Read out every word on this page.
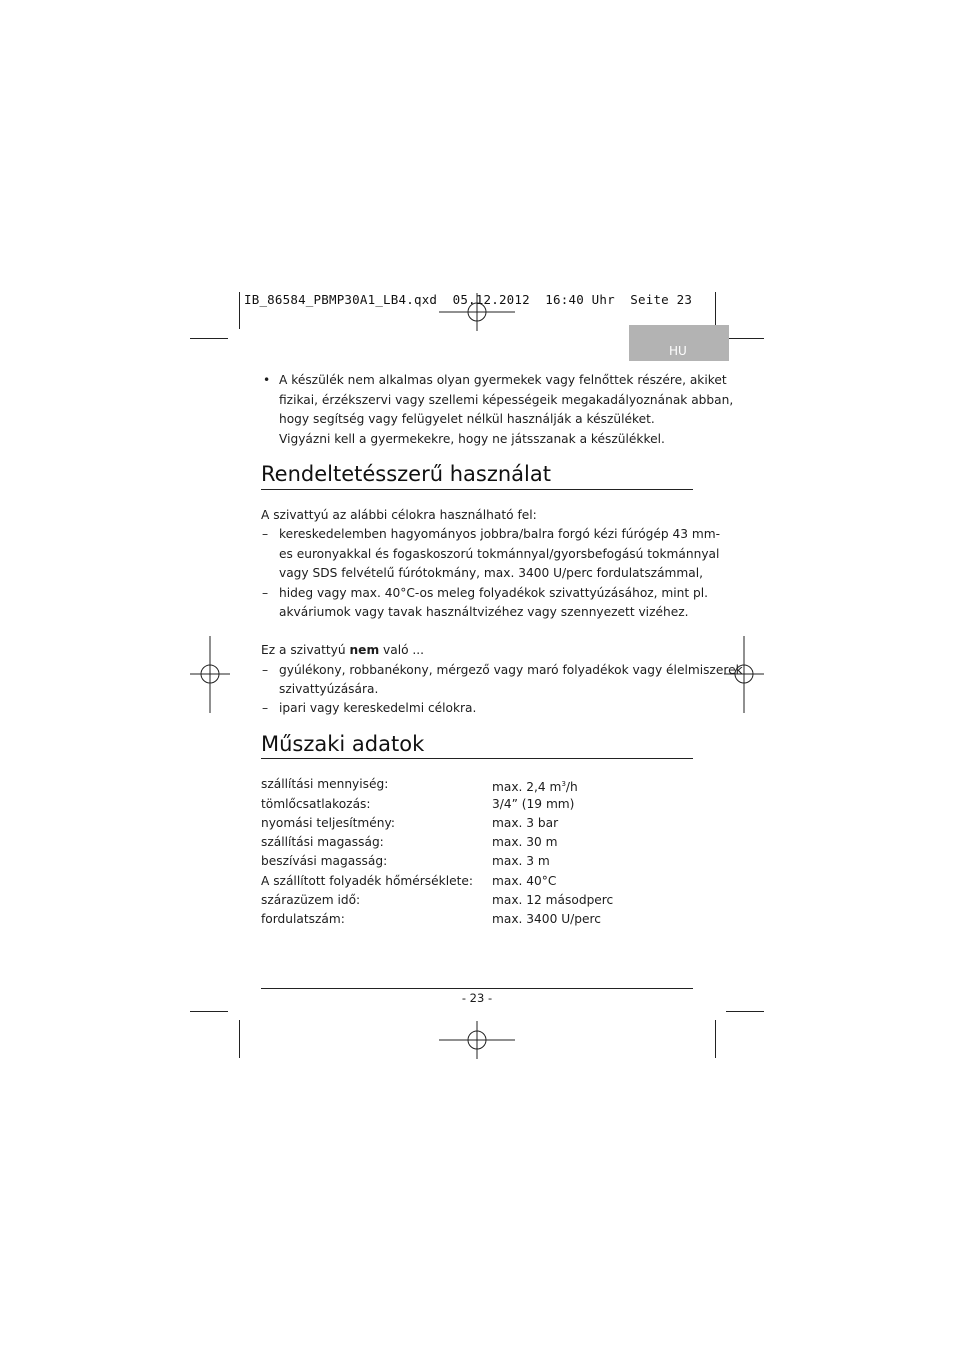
IB_86584_PBMP30A1_LB4.qxd  05.12.2012  16:40 Uhr  Seite 23
HU
• A készülék nem alkalmas olyan gyermekek vagy felnőttek részére, akiket
fizikai, érzékszervi vagy szellemi képességeik megakadályoznának abban,
hogy segítség vagy felügyelet nélkül használják a készüléket.
Vigyázni kell a gyermekekre, hogy ne játsszanak a készülékkel.
Rendeltetésszerű használat
A szivattyú az alábbi célokra használható fel:
– kereskedelemben hagyományos jobbra/balra forgó kézi fúrógép 43 mm-
es euronyakkal és fogaskoszorú tokmánnyal/gyorsbefogású tokmánnyal
vagy SDS felvételű fúrótokmány, max. 3400 U/perc fordulatszámmal,
– hideg vagy max. 40°C-os meleg folyadékok szivattyúzásához, mint pl.
akváriumok vagy tavak használtvizéhez vagy szennyezett vizéhez.
Ez a szivattyú nem való ...
– gyúlékony, robbanékony, mérgező vagy maró folyadékok vagy élelmiszerek
szivattyúzására.
– ipari vagy kereskedelmi célokra.
Műszaki adatok
szállítási mennyiség:	max. 2,4 $m^3/h$
tömlőcsatlakozás:	3/4” (19 mm)
nyomási teljesítmény:	max. 3 bar
szállítási magasság:	max. 30 m
beszívási magasság:	max. 3 m
A szállított folyadék hőmérséklete: max. 40°C
szárazüzem idő:	max. 12 másodperc
fordulatszám:	max. 3400 U/perc
- 23 -
